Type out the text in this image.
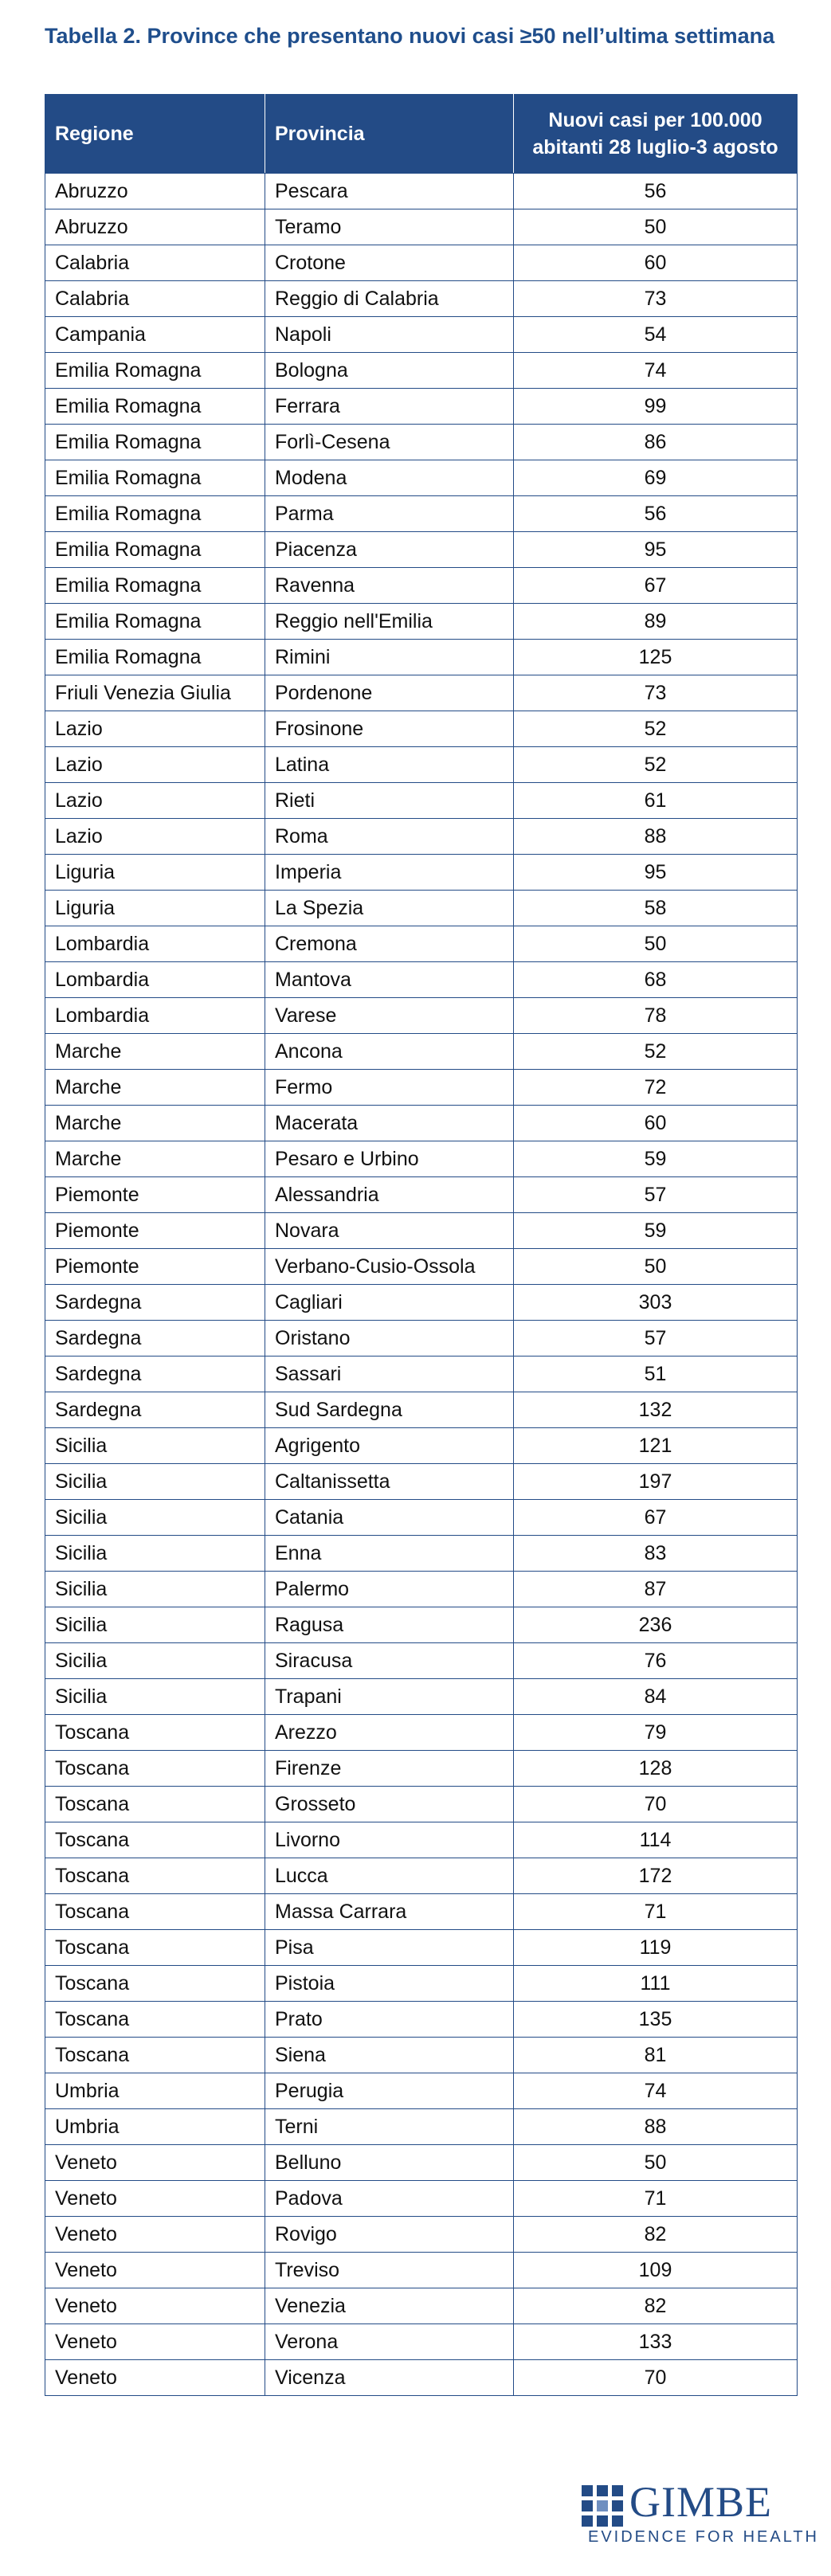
Tabella 2. Province che presentano nuovi casi ≥50 nell’ultima settimana
Regione	Provincia	Nuovi casi per 100.000
abitanti 28 luglio-3 agosto
Abruzzo	Pescara	56
Abruzzo	Teramo	50
Calabria	Crotone	60
Calabria	Reggio di Calabria	73
Campania	Napoli	54
Emilia Romagna	Bologna	74
Emilia Romagna	Ferrara	99
Emilia Romagna	Forlì-Cesena	86
Emilia Romagna	Modena	69
Emilia Romagna	Parma	56
Emilia Romagna	Piacenza	95
Emilia Romagna	Ravenna	67
Emilia Romagna	Reggio nell'Emilia	89
Emilia Romagna	Rimini	125
Friuli Venezia Giulia	Pordenone	73
Lazio	Frosinone	52
Lazio	Latina	52
Lazio	Rieti	61
Lazio	Roma	88
Liguria	Imperia	95
Liguria	La Spezia	58
Lombardia	Cremona	50
Lombardia	Mantova	68
Lombardia	Varese	78
Marche	Ancona	52
Marche	Fermo	72
Marche	Macerata	60
Marche	Pesaro e Urbino	59
Piemonte	Alessandria	57
Piemonte	Novara	59
Piemonte	Verbano-Cusio-Ossola	50
Sardegna	Cagliari	303
Sardegna	Oristano	57
Sardegna	Sassari	51
Sardegna	Sud Sardegna	132
Sicilia	Agrigento	121
Sicilia	Caltanissetta	197
Sicilia	Catania	67
Sicilia	Enna	83
Sicilia	Palermo	87
Sicilia	Ragusa	236
Sicilia	Siracusa	76
Sicilia	Trapani	84
Toscana	Arezzo	79
Toscana	Firenze	128
Toscana	Grosseto	70
Toscana	Livorno	114
Toscana	Lucca	172
Toscana	Massa Carrara	71
Toscana	Pisa	119
Toscana	Pistoia	111
Toscana	Prato	135
Toscana	Siena	81
Umbria	Perugia	74
Umbria	Terni	88
Veneto	Belluno	50
Veneto	Padova	71
Veneto	Rovigo	82
Veneto	Treviso	109
Veneto	Venezia	82
Veneto	Verona	133
Veneto	Vicenza	70
GIMBE
EVIDENCE FOR HEALTH
